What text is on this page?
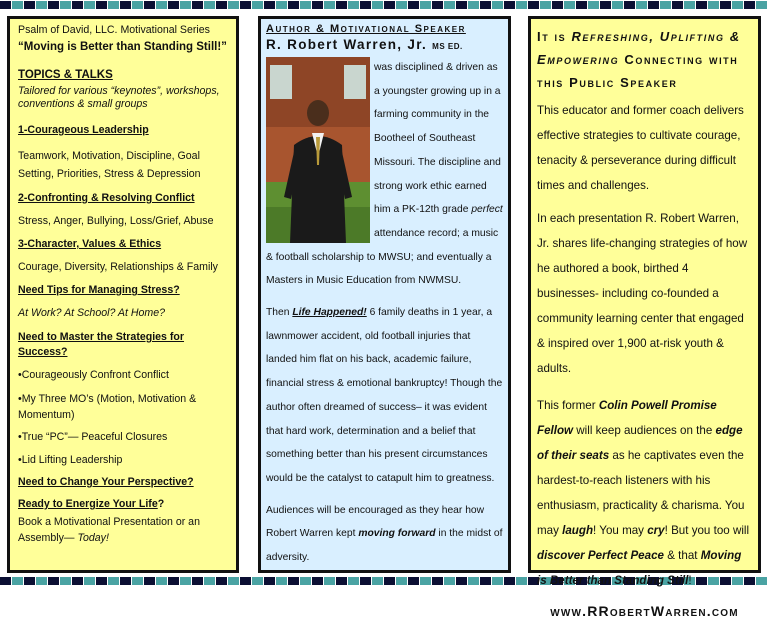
Psalm of David, LLC. Motivational Series

“Moving is Better than Standing Still!”

TOPICS & TALKS

Tailored for various “keynotes”, workshops, conventions & small groups

1-Courageous Leadership

Teamwork, Motivation, Discipline, Goal Setting, Priorities, Stress & Depression

2-Confronting & Resolving Conflict

Stress, Anger, Bullying, Loss/Grief, Abuse

3-Character, Values & Ethics

Courage, Diversity, Relationships & Family

Need Tips for Managing Stress?

At Work? At School? At Home?

Need to Master the Strategies for Success?

•Courageously Confront Conflict

•My Three MO’s (Motion, Motivation & Momentum)

•True “PC”— Peaceful Closures

•Lid Lifting Leadership

Need to Change Your Perspective?

Ready to Energize Your Life?

Book a Motivational Presentation or an Assembly— Today!

Author & Motivational Speaker
R. Robert Warren, Jr. MS ED.

was disciplined & driven as a youngster growing up in a farming community in the Bootheel of Southeast Missouri. The discipline and strong work ethic earned him a PK-12th grade perfect attendance record; a music & football scholarship to MWSU; and eventually a Masters in Music Education from NWMSU.

Then Life Happened! 6 family deaths in 1 year, a lawnmower accident, old football injuries that landed him flat on his back, academic failure, financial stress & emotional bankruptcy! Though the author often dreamed of success– it was evident that hard work, determination and a belief that something better than his present circumstances would be the catalyst to catapult him to greatness.

Audiences will be encouraged as they hear how Robert Warren kept moving forward in the midst of adversity.

It is Refreshing, Uplifting & Empowering Connecting with this Public Speaker

This educator and former coach delivers effective strategies to cultivate courage, tenacity & perseverance during difficult times and challenges.

In each presentation R. Robert Warren, Jr. shares life-changing strategies of how he authored a book, birthed 4 businesses- including co-founded a community learning center that engaged & inspired over 1,900 at-risk youth & adults.

This former Colin Powell Promise Fellow will keep audiences on the edge of their seats as he captivates even the hardest-to-reach listeners with his enthusiasm, practicality & charisma. You may laugh! You may cry! But you too will discover Perfect Peace & that Moving is Better than Standing Still!

www.RRobertWarren.com
